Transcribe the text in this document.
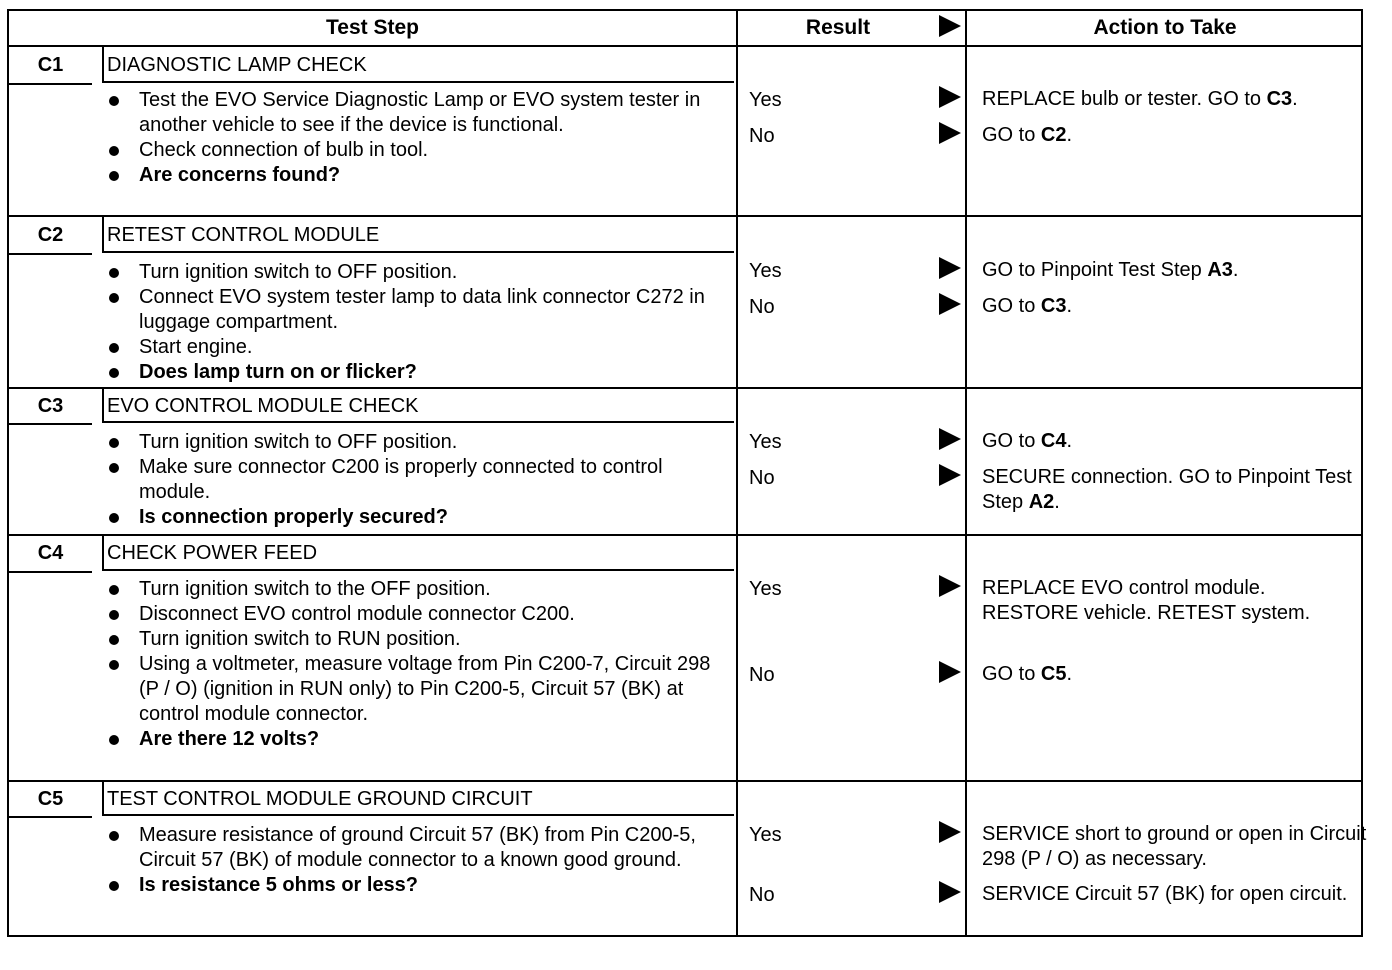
Test Step	Result	Action to Take
C1	DIAGNOSTIC LAMP CHECK
Test the EVO Service Diagnostic Lamp or EVO system tester in another vehicle to see if the device is functional.
Check connection of bulb in tool.
Are concerns found?
Yes	REPLACE bulb or tester. GO to C3.
No	GO to C2.
C2	RETEST CONTROL MODULE
Turn ignition switch to OFF position.
Connect EVO system tester lamp to data link connector C272 in luggage compartment.
Start engine.
Does lamp turn on or flicker?
Yes	GO to Pinpoint Test Step A3.
No	GO to C3.
C3	EVO CONTROL MODULE CHECK
Turn ignition switch to OFF position.
Make sure connector C200 is properly connected to control module.
Is connection properly secured?
Yes	GO to C4.
No	SECURE connection. GO to Pinpoint Test Step A2.
C4	CHECK POWER FEED
Turn ignition switch to the OFF position.
Disconnect EVO control module connector C200.
Turn ignition switch to RUN position.
Using a voltmeter, measure voltage from Pin C200-7, Circuit 298 (P / O) (ignition in RUN only) to Pin C200-5, Circuit 57 (BK) at control module connector.
Are there 12 volts?
Yes	REPLACE EVO control module. RESTORE vehicle. RETEST system.
No	GO to C5.
C5	TEST CONTROL MODULE GROUND CIRCUIT
Measure resistance of ground Circuit 57 (BK) from Pin C200-5, Circuit 57 (BK) of module connector to a known good ground.
Is resistance 5 ohms or less?
Yes	SERVICE short to ground or open in Circuit 298 (P / O) as necessary.
No	SERVICE Circuit 57 (BK) for open circuit.
